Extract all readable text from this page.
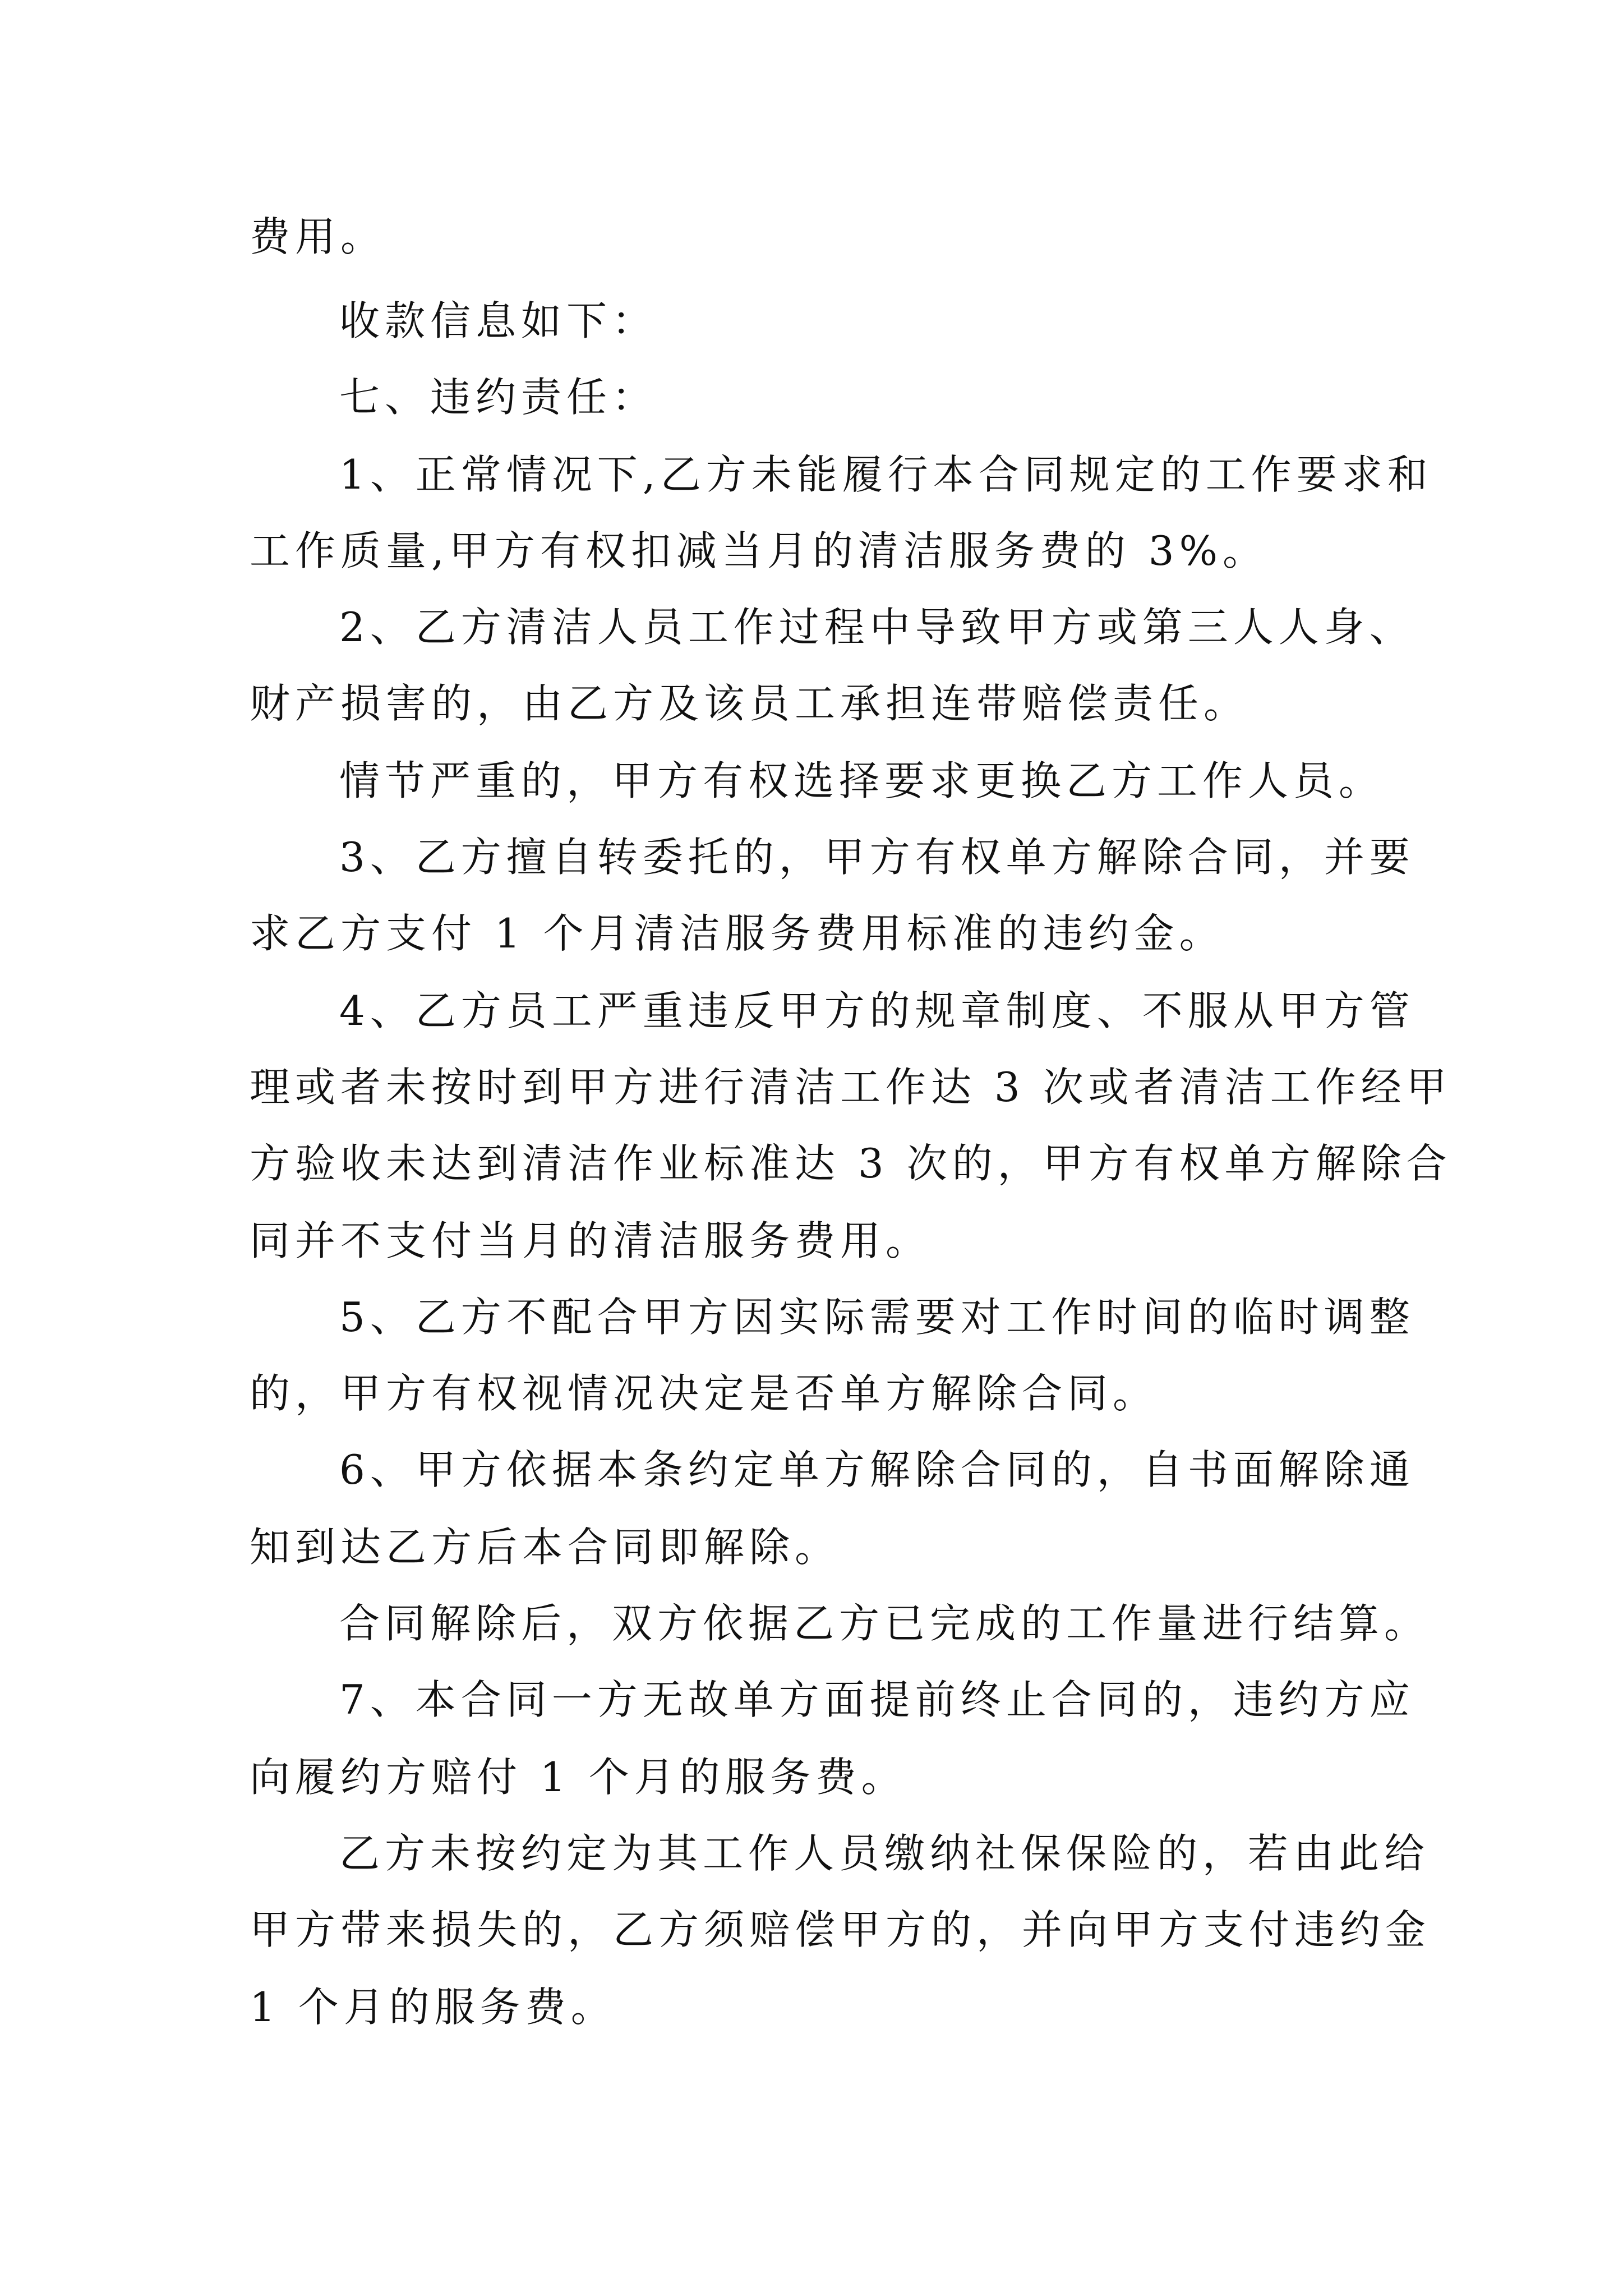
费用。
收款信息如下：
七、违约责任：
1、正常情况下,乙方未能履行本合同规定的工作要求和
工作质量,甲方有权扣减当月的清洁服务费的 3%。
2、乙方清洁人员工作过程中导致甲方或第三人人身、
财产损害的，由乙方及该员工承担连带赔偿责任。
情节严重的，甲方有权选择要求更换乙方工作人员。
3、乙方擅自转委托的，甲方有权单方解除合同，并要
求乙方支付 1 个月清洁服务费用标准的违约金。
4、乙方员工严重违反甲方的规章制度、不服从甲方管
理或者未按时到甲方进行清洁工作达 3 次或者清洁工作经甲
方验收未达到清洁作业标准达 3 次的，甲方有权单方解除合
同并不支付当月的清洁服务费用。
5、乙方不配合甲方因实际需要对工作时间的临时调整
的，甲方有权视情况决定是否单方解除合同。
6、甲方依据本条约定单方解除合同的，自书面解除通
知到达乙方后本合同即解除。
合同解除后，双方依据乙方已完成的工作量进行结算。
7、本合同一方无故单方面提前终止合同的，违约方应
向履约方赔付 1 个月的服务费。
乙方未按约定为其工作人员缴纳社保保险的，若由此给
甲方带来损失的，乙方须赔偿甲方的，并向甲方支付违约金
1 个月的服务费。
